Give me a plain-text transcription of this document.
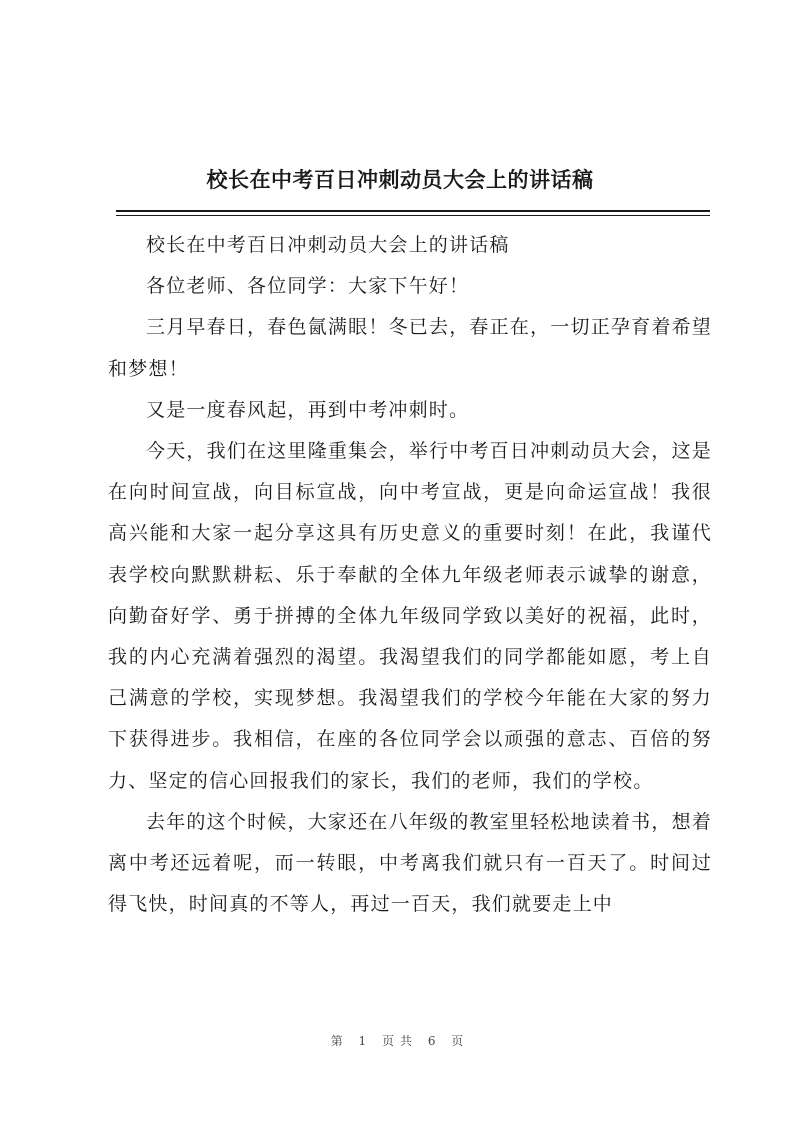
校长在中考百日冲刺动员大会上的讲话稿

校长在中考百日冲刺动员大会上的讲话稿

各位老师、各位同学：大家下午好！

三月早春日，春色氤满眼！冬已去，春正在，一切正孕育着希望和梦想！

又是一度春风起，再到中考冲刺时。

今天，我们在这里隆重集会，举行中考百日冲刺动员大会，这是在向时间宣战，向目标宣战，向中考宣战，更是向命运宣战！我很高兴能和大家一起分享这具有历史意义的重要时刻！在此，我谨代表学校向默默耕耘、乐于奉献的全体九年级老师表示诚挚的谢意，向勤奋好学、勇于拼搏的全体九年级同学致以美好的祝福，此时，我的内心充满着强烈的渴望。我渴望我们的同学都能如愿，考上自己满意的学校，实现梦想。我渴望我们的学校今年能在大家的努力下获得进步。我相信，在座的各位同学会以顽强的意志、百倍的努力、坚定的信心回报我们的家长，我们的老师，我们的学校。

去年的这个时候，大家还在八年级的教室里轻松地读着书，想着离中考还远着呢，而一转眼，中考离我们就只有一百天了。时间过得飞快，时间真的不等人，再过一百天，我们就要走上中

第 1 页共 6 页
